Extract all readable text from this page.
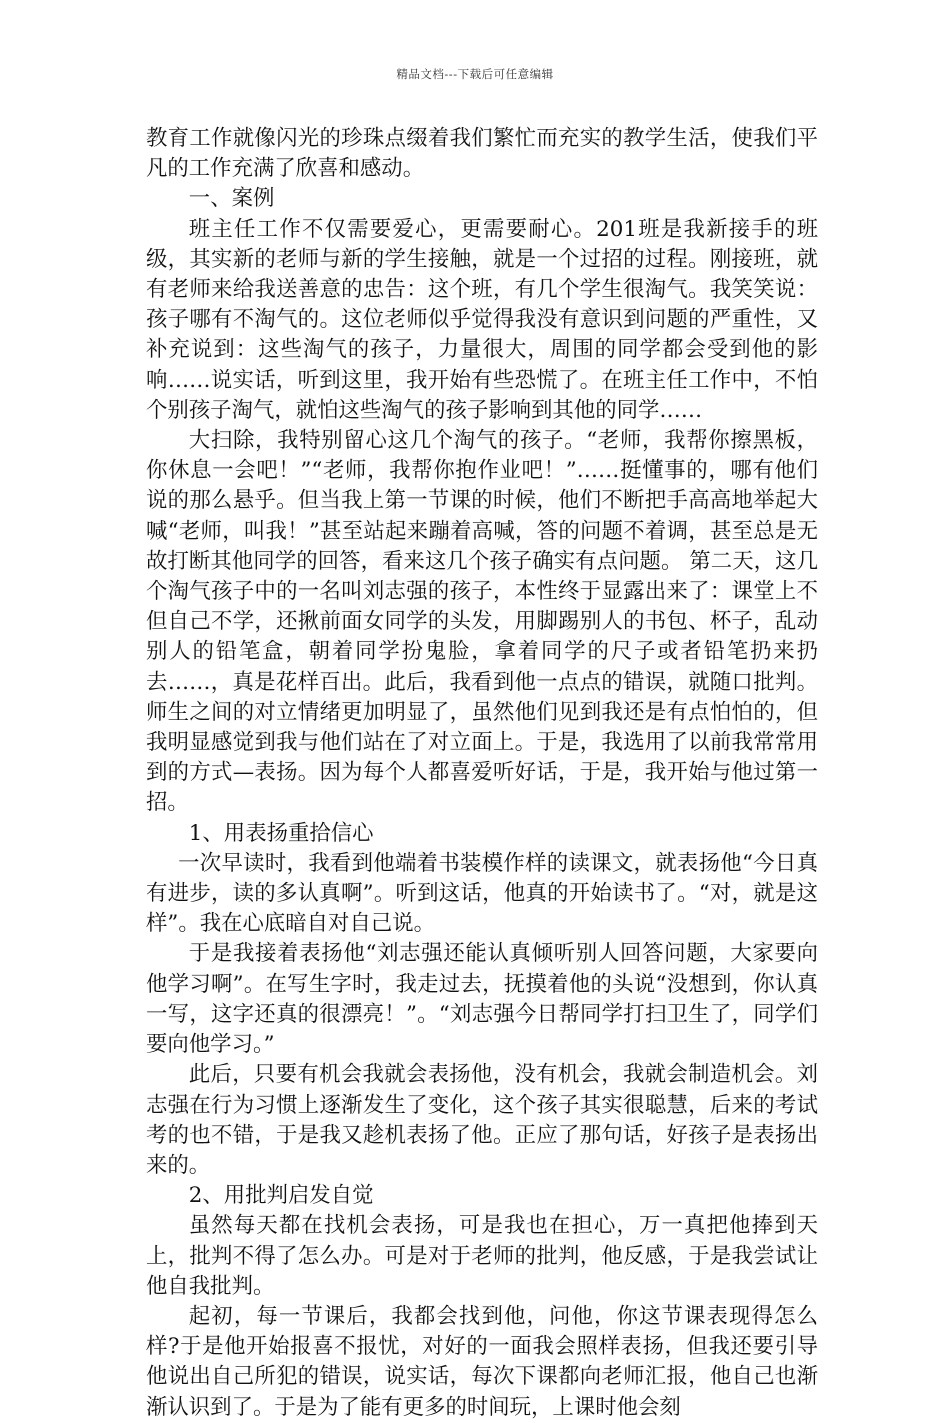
精品文档---下载后可任意编辑

教育工作就像闪光的珍珠点缀着我们繁忙而充实的教学生活，使我们平凡的工作充满了欣喜和感动。

一、案例

班主任工作不仅需要爱心，更需要耐心。201班是我新接手的班级，其实新的老师与新的学生接触，就是一个过招的过程。刚接班，就有老师来给我送善意的忠告：这个班，有几个学生很淘气。我笑笑说：孩子哪有不淘气的。这位老师似乎觉得我没有意识到问题的严重性，又补充说到：这些淘气的孩子，力量很大，周围的同学都会受到他的影响……说实话，听到这里，我开始有些恐慌了。在班主任工作中，不怕个别孩子淘气，就怕这些淘气的孩子影响到其他的同学……

大扫除，我特别留心这几个淘气的孩子。“老师，我帮你擦黑板，你休息一会吧！”“老师，我帮你抱作业吧！”……挺懂事的，哪有他们说的那么悬乎。但当我上第一节课的时候，他们不断把手高高地举起大喊“老师，叫我！”甚至站起来蹦着高喊，答的问题不着调，甚至总是无故打断其他同学的回答，看来这几个孩子确实有点问题。 第二天，这几个淘气孩子中的一名叫刘志强的孩子，本性终于显露出来了：课堂上不但自己不学，还揪前面女同学的头发，用脚踢别人的书包、杯子，乱动别人的铅笔盒，朝着同学扮鬼脸，拿着同学的尺子或者铅笔扔来扔去……，真是花样百出。此后，我看到他一点点的错误，就随口批判。师生之间的对立情绪更加明显了，虽然他们见到我还是有点怕怕的，但我明显感觉到我与他们站在了对立面上。于是，我选用了以前我常常用到的方式—表扬。因为每个人都喜爱听好话，于是，我开始与他过第一招。

1、用表扬重拾信心

一次早读时，我看到他端着书装模作样的读课文，就表扬他“今日真有进步，读的多认真啊”。听到这话，他真的开始读书了。“对，就是这样”。我在心底暗自对自己说。

于是我接着表扬他“刘志强还能认真倾听别人回答问题，大家要向他学习啊”。在写生字时，我走过去，抚摸着他的头说“没想到，你认真一写，这字还真的很漂亮！”。“刘志强今日帮同学打扫卫生了，同学们要向他学习。”

此后，只要有机会我就会表扬他，没有机会，我就会制造机会。刘志强在行为习惯上逐渐发生了变化，这个孩子其实很聪慧，后来的考试考的也不错，于是我又趁机表扬了他。正应了那句话，好孩子是表扬出来的。

2、用批判启发自觉

虽然每天都在找机会表扬，可是我也在担心，万一真把他捧到天上，批判不得了怎么办。可是对于老师的批判，他反感，于是我尝试让他自我批判。

起初，每一节课后，我都会找到他，问他，你这节课表现得怎么样?于是他开始报喜不报忧，对好的一面我会照样表扬，但我还要引导他说出自己所犯的错误，说实话，每次下课都向老师汇报，他自己也渐渐认识到了。于是为了能有更多的时间玩，上课时他会刻
